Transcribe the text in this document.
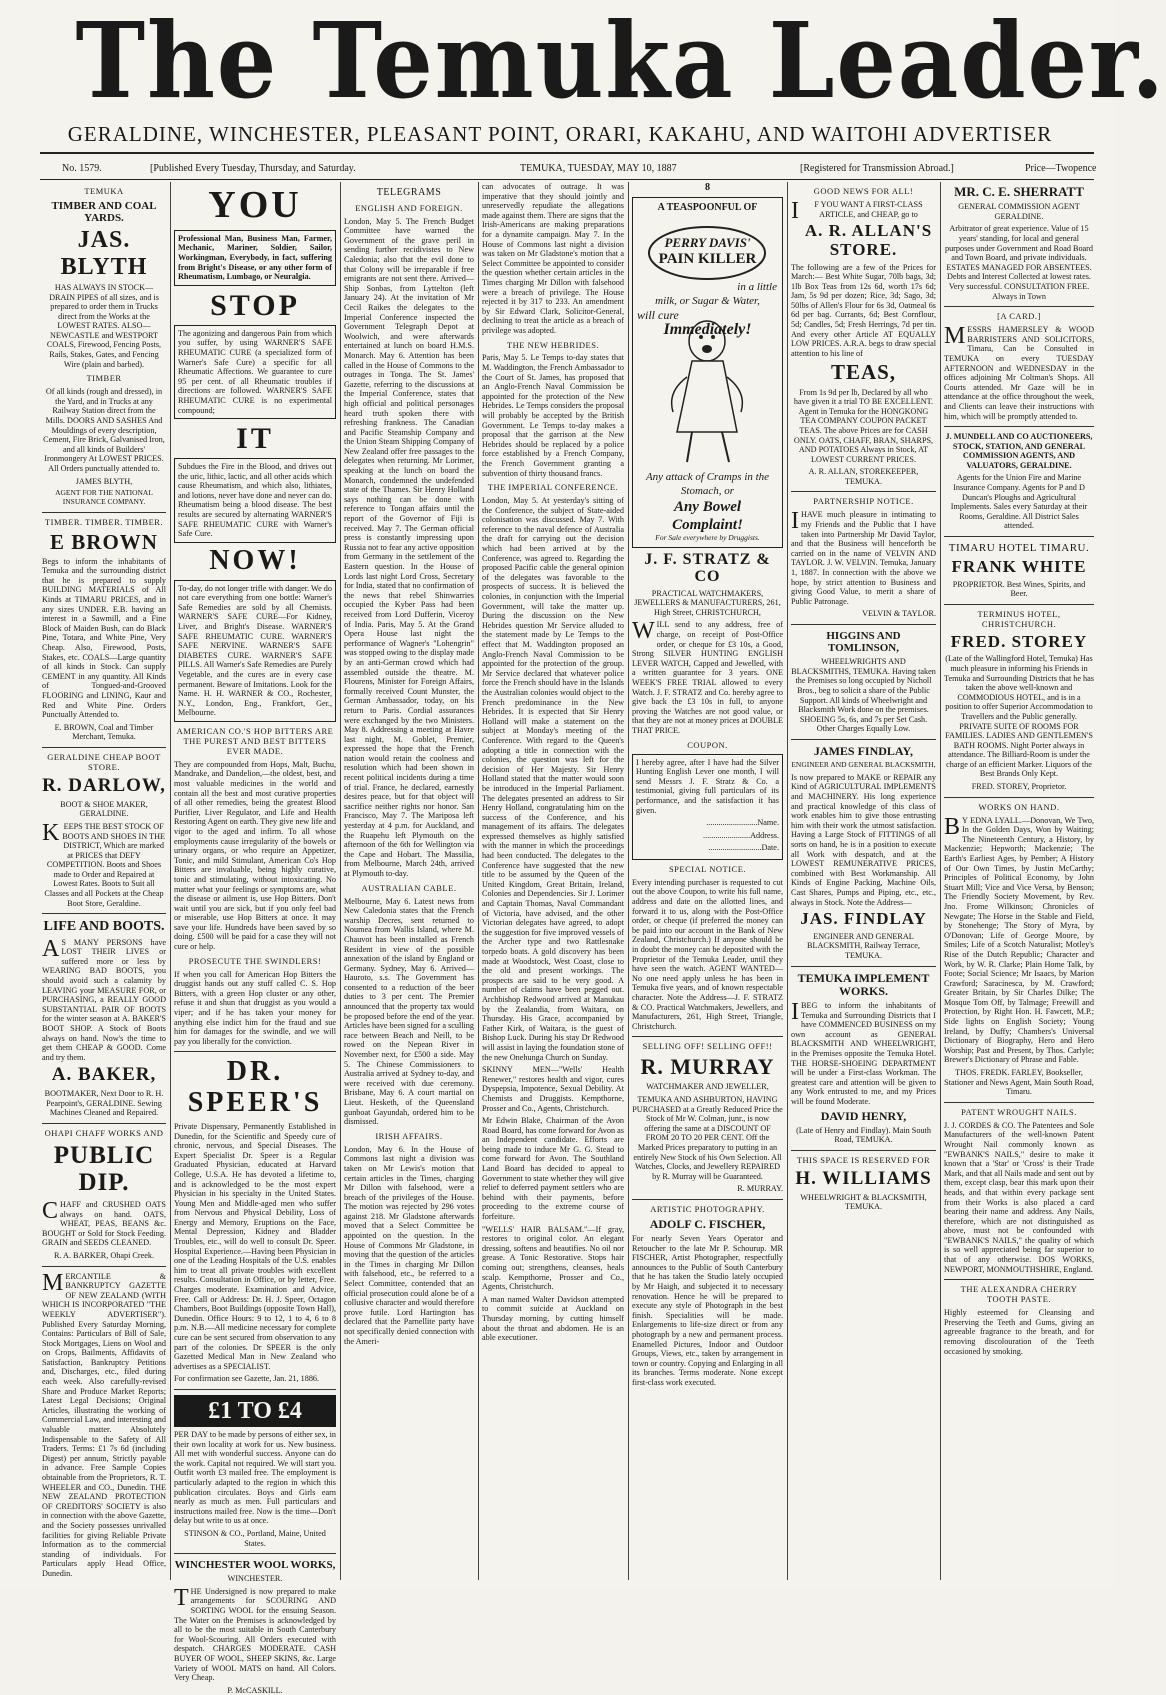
The Temuka Leader.
GERALDINE, WINCHESTER, PLEASANT POINT, ORARI, KAKAHU, AND WAITOHI ADVERTISER
No. 1579.	[Published Every Tuesday, Thursday, and Saturday.	TEMUKA, TUESDAY, MAY 10, 1887	[Registered for Transmission Abroad.]	Price—Twopence
TEMUKA
TIMBER AND COAL YARDS.
JAS. BLYTH

HAS ALWAYS IN STOCK— DRAIN PIPES of all sizes, and is prepared to order them in Trucks direct from the Works at the LOWEST RATES. ALSO— NEWCASTLE and WESTPORT COALS, Firewood, Fencing Posts, Rails, Stakes, Gates, and Fencing Wire (plain and barbed).

TIMBER

Of all kinds (rough and dressed), in the Yard, and in Trucks at any Railway Station direct from the Mills. DOORS AND SASHES And Mouldings of every description, Cement, Fire Brick, Galvanised Iron, and all kinds of Builders' Ironmongery At LOWEST PRICES. All Orders punctually attended to.

JAMES BLYTH,

AGENT FOR THE NATIONAL INSURANCE COMPANY.

TIMBER. TIMBER. TIMBER.
E BROWN

Begs to inform the inhabitants of Temuka and the surrounding district that he is prepared to supply BUILDING MATERIALS of All Kinds at TIMARU PRICES, and in any sizes UNDER. E.B. having an interest in a Sawmill, and a Fine Block of Maiden Bush, can do Black Pine, Totara, and White Pine, Very Cheap. Also, Firewood, Posts, Stakes, etc. COALS—Large quantity of all kinds in Stock. Can supply CEMENT in any quantity. All Kinds of Tongued-and-Grooved FLOORING and LINING, Kaur and Red and White Pine. Orders Punctually Attended to.

E. BROWN, Coal and Timber Merchant, Temuka.

GERALDINE CHEAP BOOT STORE.
R. DARLOW,

BOOT & SHOE MAKER, GERALDINE.

KEEPS THE BEST STOCK OF BOOTS AND SHOES IN THE DISTRICT, Which are marked at PRICES that DEFY COMPETITION. Boots and Shoes made to Order and Repaired at Lowest Rates. Boots to Suit all Classes and all Pockets at the Cheap Boot Store, Geraldine.

LIFE AND BOOTS.

AS MANY PERSONS have LOST THEIR LIVES or suffered more or less by WEARING BAD BOOTS, you should avoid such a calamity by LEAVING your MEASURE FOR, or PURCHASING, a REALLY GOOD SUBSTANTIAL PAIR OF BOOTS for the winter season at A. BAKER'S BOOT SHOP. A Stock of Boots always on hand. Now's the time to get them CHEAP & GOOD. Come and try them.

A. BAKER,

BOOTMAKER, Next Door to R. H. Pearpoint's, GERALDINE. Sewing Machines Cleaned and Repaired.

OHAPI CHAFF WORKS AND
PUBLIC DIP.

CHAFF and CRUSHED OATS always on hand. OATS, WHEAT, PEAS, BEANS &c. BOUGHT or Sold for Stock Feeding. GRAIN and SEEDS CLEANED.

R. A. BARKER, Ohapi Creek.

MERCANTILE & BANKRUPTCY GAZETTE OF NEW ZEALAND (WITH WHICH IS INCORPORATED "THE WEEKLY ADVERTISER"). Published Every Saturday Morning, Contains: Particulars of Bill of Sale, Stock Mortgages, Liens on Wool and on Crops, Bailments, Affidavits of Satisfaction, Bankruptcy Petitions and, Discharges, etc., filed during each week. Also carefully-revised Share and Produce Market Reports; Latest Legal Decisions; Original Articles, illustrating the working of Commercial Law, and interesting and valuable matter. Absolutely Indispensable to the Safety of All Traders. Terms: £1 7s 6d (including Digest) per annum, Strictly payable in advance. Free Sample Copies obtainable from the Proprietors, R. T. WHEELER and CO., Dunedin. THE NEW ZEALAND PROTECTION OF CREDITORS' SOCIETY is also in connection with the above Gazette, and the Society possesses unrivalled facilities for giving Reliable Private Information as to the commercial standing of individuals. For Particulars apply Head Office, Dunedin.

YOU

Professional Man, Business Man, Farmer, Mechanic, Mariner, Soldier, Sailor, Workingman, Everybody, in fact, suffering from Bright's Disease, or any other form of Rheumatism, Lumbago, or Neuralgia.

STOP

The agonizing and dangerous Pain from which you suffer, by using WARNER'S SAFE RHEUMATIC CURE (a specialized form of Warner's Safe Cure) a specific for all Rheumatic Affections. We guarantee to cure 95 per cent. of all Rheumatic troubles if directions are followed. WARNER'S SAFE RHEUMATIC CURE is no experimental compound;

IT

Subdues the Fire in the Blood, and drives out the uric, lithic, lactic, and all other acids which cause Rheumatism, and which also, lithiates, and lotions, never have done and never can do. Rheumatism being a blood disease. The best results are secured by alternating WARNER'S SAFE RHEUMATIC CURE with Warner's Safe Cure.

NOW!

To-day, do not longer trifle with danger. We do not care everything from one bottle: Warner's Safe Remedies are sold by all Chemists. WARNER'S SAFE CURE—For Kidney, Liver, and Bright's Disease. WARNER'S SAFE RHEUMATIC CURE. WARNER'S SAFE NERVINE. WARNER'S SAFE DIABETES CURE. WARNER'S SAFE PILLS. All Warner's Safe Remedies are Purely Vegetable, and the cures are in every case permanent. Beware of Imitations. Look for the Name. H. H. WARNER & CO., Rochester, N.Y., London, Eng., Frankfort, Ger., Melbourne.

AMERICAN CO.'S HOP BITTERS ARE THE PUREST AND BEST BITTERS EVER MADE.

They are compounded from Hops, Malt, Buchu, Mandrake, and Dandelion,—the oldest, best, and most valuable medicines in the world and contain all the best and most curative properties of all other remedies, being the greatest Blood Purifier, Liver Regulator, and Life and Health Restoring Agent on earth. They give new life and vigor to the aged and infirm. To all whose employments cause irregularity of the bowels or urinary organs, or who require an Appetizer, Tonic, and mild Stimulant, American Co's Hop Bitters are invaluable, being highly curative, tonic and stimulating, without intoxicating. No matter what your feelings or symptoms are, what the disease or ailment is, use Hop Bitters. Don't wait until you are sick, but if you only feel bad or miserable, use Hop Bitters at once. It may save your life. Hundreds have been saved by so doing. £500 will be paid for a case they will not cure or help.

PROSECUTE THE SWINDLERS!

If when you call for American Hop Bitters the druggist hands out any stuff called C. S. Hop Bitters, with a green Hop cluster or any other, refuse it and shun that druggist as you would a viper; and if he has taken your money for anything else indict him for the fraud and sue him for damages for the swindle, and we will pay you liberally for the conviction.

DR. SPEER'S

Private Dispensary, Permanently Established in Dunedin, for the Scientific and Speedy cure of chronic, nervous, and Special Diseases. The Expert Specialist Dr. Speer is a Regular Graduated Physician, educated at Harvard College, U.S.A. He has devoted a lifetime to, and is acknowledged to be the most expert Physician in his specialty in the United States. Young Men and Middle-aged men who suffer from Nervous and Physical Debility, Loss of Energy and Memory, Eruptions on the Face, Mental Depression, Kidney and Bladder Troubles, etc., will do well to consult Dr. Speer. Hospital Experience.—Having been Physician in one of the Leading Hospitals of the U.S. enables him to treat all private troubles with excellent results. Consultation in Office, or by letter, Free. Charges moderate. Examination and Advice, Free. Call or Address: Dr. H. J. Speer, Octagon Chambers, Boot Buildings (opposite Town Hall), Dunedin. Office Hours: 9 to 12, 1 to 4, 6 to 8 p.m. N.B.—All medicine necessary for complete cure can be sent secured from observation to any part of the colonies. Dr SPEER is the only Gazetted Medical Man in New Zealand who advertises as a SPECIALIST.

For confirmation see Gazette, Jan. 21, 1886.

£1 TO £4

PER DAY to be made by persons of either sex, in their own locality at work for us. New business. All met with wonderful success. Anyone can do the work. Capital not required. We will start you. Outfit worth £3 mailed free. The employment is particularly adapted to the region in which this publication circulates. Boys and Girls earn nearly as much as men. Full particulars and instructions mailed free. Now is the time—Don't delay but write to us at once.

STINSON & CO., Portland, Maine, United States.

WINCHESTER WOOL WORKS,

WINCHESTER.

THE Undersigned is now prepared to make arrangements for SCOURING AND SORTING WOOL for the ensuing Season. The Water on the Premises is acknowledged by all to be the most suitable in South Canterbury for Wool-Scouring. All Orders executed with despatch. CHARGES MODERATE. CASH BUYER OF WOOL, SHEEP SKINS, &c. Large Variety of WOOL MATS on hand. All Colors. Very Cheap.

P. McCASKILL.

TELEGRAMS
ENGLISH AND FOREIGN.

London, May 5. The French Budget Committee have warned the Government of the grave peril in sending further recidivistes to New Caledonia; also that the evil done to that Colony will be irreparable if free emigrants are not sent there. Arrived—Ship Sonbas, from Lyttelton (left January 24). At the invitation of Mr Cecil Raikes the delegates to the Imperial Conference inspected the Government Telegraph Depot at Woolwich, and were afterwards entertained at lunch on board H.M.S. Monarch. May 6. Attention has been called in the House of Commons to the outrages in Tonga. The St. James' Gazette, referring to the discussions at the Imperial Conference, states that high official and political personages heard truth spoken there with refreshing frankness. The Canadian and Pacific Steamship Company and the Union Steam Shipping Company of New Zealand offer free passages to the delegates when returning. Mr Lorimer, speaking at the lunch on board the Monarch, condemned the undefended state of the Thames. Sir Henry Holland says nothing can be done with reference to Tongan affairs until the report of the Governor of Fiji is received. May 7. The German official press is constantly impressing upon Russia not to fear any active opposition from Germany in the settlement of the Eastern question. In the House of Lords last night Lord Cross, Secretary for India, stated that no confirmation of the news that rebel Shinwarries occupied the Kyber Pass had been received from Lord Dufferin, Viceroy of India. Paris, May 5. At the Grand Opera House last night the performance of Wagner's "Lohengrin" was stopped owing to the display made by an anti-German crowd which had assembled outside the theatre. M. Flourens, Minister for Foreign Affairs, formally received Count Munster, the German Ambassador, today, on his return to Paris. Cordial assurances were exchanged by the two Ministers. May 8. Addressing a meeting at Havre last night, M. Goblet, Premier, expressed the hope that the French nation would retain the coolness and resolution which had been shown in recent political incidents during a time of trial. France, he declared, earnestly desires peace, but for that object will sacrifice neither rights nor honor. San Francisco, May 7. The Mariposa left yesterday at 4 p.m. for Auckland, and the Ruapehu left Plymouth on the afternoon of the 6th for Wellington via the Cape and Hobart. The Massilia, from Melbourne, March 24th, arrived at Plymouth to-day.

AUSTRALIAN CABLE.

Melbourne, May 6. Latest news from New Caledonia states that the French warship Decres, sent returned to Noumea from Wallis Island, where M. Chauvot has been installed as French Resident in view of the possible annexation of the island by England or Germany. Sydney, May 6. Arrived—Hauroto, s.s. The Government has consented to a reduction of the beer duties to 3 per cent. The Premier announced that the property tax would be proposed before the end of the year. Articles have been signed for a sculling race between Beach and Neill, to be rowed on the Nepean River in November next, for £500 a side. May 5. The Chinese Commissioners to Australia arrived at Sydney to-day, and were received with due ceremony. Brisbane, May 6. A court martial on Lieut. Hesketh, of the Queensland gunboat Gayundah, ordered him to be dismissed.

IRISH AFFAIRS.

London, May 6. In the House of Commons last night a division was taken on Mr Lewis's motion that certain articles in the Times, charging Mr Dillon with falsehood, were a breach of the privileges of the House. The motion was rejected by 296 votes against 218. Mr Gladstone afterwards moved that a Select Committee be appointed on the question. In the House of Commons Mr Gladstone, in moving that the question of the articles in the Times in charging Mr Dillon with falsehood, etc., be referred to a Select Committee, contended that an official prosecution could alone be of a collusive character and would therefore prove futile. Lord Hartington has declared that the Parnellite party have not specifically denied connection with the Ameri-

can advocates of outrage. It was imperative that they should jointly and unreservedly repudiate the allegations made against them. There are signs that the Irish-Americans are making preparations for a dynamite campaign. May 7. In the House of Commons last night a division was taken on Mr Gladstone's motion that a Select Committee be appointed to consider the question whether certain articles in the Times charging Mr Dillon with falsehood were a breach of privilege. The House rejected it by 317 to 233. An amendment by Sir Edward Clark, Solicitor-General, declining to treat the article as a breach of privilege was adopted.

THE NEW HEBRIDES.

Paris, May 5. Le Temps to-day states that M. Waddington, the French Ambassador to the Court of St. James, has proposed that an Anglo-French Naval Commission be appointed for the protection of the New Hebrides. Le Temps considers the proposal will probably be accepted by the British Government. Le Temps to-day makes a proposal that the garrison at the New Hebrides should be replaced by a police force established by a French Company, the French Government granting a subvention of thirty thousand francs.

THE IMPERIAL CONFERENCE.

London, May 5. At yesterday's sitting of the Conference, the subject of State-aided colonisation was discussed. May 7. With reference to the naval defence of Australia the draft for carrying out the decision which had been arrived at by the Conference, was agreed to. Regarding the proposed Pacific cable the general opinion of the delegates was favorable to the prospects of success. It is believed the colonies, in conjunction with the Imperial Government, will take the matter up. During the discussion on the New Hebrides question Mr Service alluded to the statement made by Le Temps to the effect that M. Waddington proposed an Anglo-French Naval Commission to be appointed for the protection of the group. Mr Service declared that whatever police force the French should have in the Islands the Australian colonies would object to the French predominance in the New Hebrides. It is expected that Sir Henry Holland will make a statement on the subject at Monday's meeting of the Conference. With regard to the Queen's adopting a title in connection with the colonies, the question was left for the decision of Her Majesty. Sir Henry Holland stated that the matter would soon be introduced in the Imperial Parliament. The delegates presented an address to Sir Henry Holland, congratulating him on the success of the Conference, and his management of its affairs. The delegates expressed themselves as highly satisfied with the manner in which the proceedings had been conducted. The delegates to the Conference have suggested that the new title to be assumed by the Queen of the United Kingdom, Great Britain, Ireland, Colonies and Dependencies. Sir J. Lorimer and Captain Thomas, Naval Commandant of Victoria, have advised, and the other Victorian delegates have agreed, to adopt the suggestion for five improved vessels of the Archer type and two Rattlesnake torpedo boats. A gold discovery has been made at Woodstock, West Coast, close to the old and present workings. The prospects are said to be very good. A number of claims have been pegged out. Archbishop Redwood arrived at Manukau by the Zealandia, from Waitara, on Thursday. His Grace, accompanied by Father Kirk, of Waitara, is the guest of Bishop Luck. During his stay Dr Redwood will assist in laying the foundation stone of the new Onehunga Church on Sunday.

SKINNY MEN—"Wells' Health Renewer," restores health and vigor, cures Dyspepsia, Impotence, Sexual Debility. At Chemists and Druggists. Kempthorne, Prosser and Co., Agents, Christchurch.

Mr Edwin Blake, Chairman of the Avon Road Board, has come forward for Avon as an Independent candidate. Efforts are being made to induce Mr G. G. Stead to come forward for Avon. The Southland Land Board has decided to appeal to Government to state whether they will give relief to deferred payment settlers who are behind with their payments, before proceeding to the extreme course of forfeiture.

"WELLS' HAIR BALSAM."—If gray, restores to original color. An elegant dressing, softens and beautifies. No oil nor grease. A Tonic Restorative. Stops hair coming out; strengthens, cleanses, heals scalp. Kempthorne, Prosser and Co., Agents, Christchurch.

A man named Walter Davidson attempted to commit suicide at Auckland on Thursday morning, by cutting himself about the throat and abdomen. He is an able executioner.

8
A TEASPOONFUL OF
PERRY DAVIS'
PAIN KILLER
in a little
milk, or Sugar & Water,
will cure
Immediately!
Any attack of Cramps in the Stomach, or
Any Bowel Complaint!
For Sale everywhere by Druggists.
J. F. STRATZ & CO

PRACTICAL WATCHMAKERS, JEWELLERS & MANUFACTURERS, 261, High Street, CHRISTCHURCH,

WILL send to any address, free of charge, on receipt of Post-Office order, or cheque for £3 10s, a Good, Strong SILVER HUNTING ENGLISH LEVER WATCH, Capped and Jewelled, with a written guarantee for 3 years. ONE WEEK'S FREE TRIAL allowed to every Watch. J. F. STRATZ and Co. hereby agree to give back the £3 10s in full, to anyone proving the Watches are not good value, or that they are not at money prices at DOUBLE THAT PRICE.

COUPON.

I hereby agree, after I have had the Silver Hunting English Lever one month, I will send Messrs J. F. Stratz & Co. a testimonial, giving full particulars of its performance, and the satisfaction it has given.

.........................Name.

.......................Address.

..........................Date.

SPECIAL NOTICE.

Every intending purchaser is requested to cut out the above Coupon, to write his full name, address and date on the allotted lines, and forward it to us, along with the Post-Office order, or cheque (if preferred the money can be paid into our account in the Bank of New Zealand, Christchurch.) If anyone should be in doubt the money can be deposited with the Proprietor of the Temuka Leader, until they have seen the watch. AGENT WANTED—No one need apply unless he has been in Temuka five years, and of known respectable character. Note the Address—J. F. STRATZ & CO. Practical Watchmakers, Jewellers, and Manufacturers, 261, High Street, Triangle, Christchurch.

SELLING OFF! SELLING OFF!!
R. MURRAY

WATCHMAKER AND JEWELLER,

TEMUKA AND ASHBURTON, HAVING PURCHASED at a Greatly Reduced Price the Stock of Mr W. Colman, junr., is now offering the same at a DISCOUNT OF FROM 20 TO 20 PER CENT. Off the Marked Prices preparatory to putting in an entirely New Stock of his Own Selection. All Watches, Clocks, and Jewellery REPAIRED by R. Murray will be Guaranteed.

R. MURRAY.

ARTISTIC PHOTOGRAPHY.
ADOLF C. FISCHER,

For nearly Seven Years Operator and Retoucher to the late Mr P. Schourup. MR FISCHER, Artist Photographer, respectfully announces to the Public of South Canterbury that he has taken the Studio lately occupied by Mr Haigh, and subjected it to necessary renovation. Hence he will be prepared to execute any style of Photograph in the best finish. Specialities will be made. Enlargements to life-size direct or from any photograph by a new and permanent process. Enamelled Pictures, Indoor and Outdoor Groups, Views, etc., taken by arrangement in town or country. Copying and Enlarging in all its branches. Terms moderate. None except first-class work executed.

GOOD NEWS FOR ALL!

IF YOU WANT A FIRST-CLASS ARTICLE, and CHEAP, go to

A. R. ALLAN'S STORE.

The following are a few of the Prices for March:— Best White Sugar, 70lb bags, 3d; 1lb Box Teas from 12s 6d, worth 17s 6d; Jam, 5s 9d per dozen; Rice, 3d; Sago, 3d; 50lbs of Allen's Flour for 6s 3d, Oatmeal 6s 6d per bag. Currants, 6d; Best Cornflour, 5d; Candles, 5d; Fresh Herrings, 7d per tin. And every other Article AT EQUALLY LOW PRICES. A.R.A. begs to draw special attention to his line of

TEAS,

From 1s 9d per lb, Declared by all who have given it a trial TO BE EXCELLENT. Agent in Temuka for the HONGKONG TEA COMPANY COUPON PACKET TEAS. The above Prices are for CASH ONLY. OATS, CHAFF, BRAN, SHARPS, AND POTATOES Always in Stock, AT LOWEST CURRENT PRICES.

A. R. ALLAN, STOREKEEPER, TEMUKA.

PARTNERSHIP NOTICE.

IHAVE much pleasure in intimating to my Friends and the Public that I have taken into Partnership Mr David Taylor, and that the Business will henceforth be carried on in the name of VELVIN AND TAYLOR. J. W. VELVIN. Temuka, January 1, 1887. In connection with the above we hope, by strict attention to Business and giving Good Value, to merit a share of Public Patronage.

VELVIN & TAYLOR.

HIGGINS AND TOMLINSON,

WHEELWRIGHTS AND BLACKSMITHS, TEMUKA. Having taken the Premises so long occupied by Nicholl Bros., beg to solicit a share of the Public Support. All kinds of Wheelwright and Blacksmith Work done on the premises. SHOEING 5s, 6s, and 7s per Set Cash. Other Charges Equally Low.

JAMES FINDLAY,

ENGINEER AND GENERAL BLACKSMITH,

Is now prepared to MAKE or REPAIR any Kind of AGRICULTURAL IMPLEMENTS and MACHINERY. His long experience and practical knowledge of this class of work enables him to give those entrusting him with their work the utmost satisfaction. Having a Large Stock of FITTINGS of all sorts on hand, he is in a position to execute all Work with despatch, and at the LOWEST REMUNERATIVE PRICES, combined with Best Workmanship. All Kinds of Engine Packing, Machine Oils, Cast Shares, Pumps and Piping, etc., etc., always in Stock. Note the Address—

JAS. FINDLAY

ENGINEER AND GENERAL BLACKSMITH, Railway Terrace, TEMUKA.

TEMUKA IMPLEMENT WORKS.

IBEG to inform the inhabitants of Temuka and Surrounding Districts that I have COMMENCED BUSINESS on my own account as GENERAL BLACKSMITH AND WHEELWRIGHT, in the Premises opposite the Temuka Hotel. THE HORSE-SHOEING DEPARTMENT will be under a First-class Workman. The greatest care and attention will be given to any Work entrusted to me, and my Prices will be found Moderate.

DAVID HENRY,

(Late of Henry and Findlay). Main South Road, TEMUKA.

THIS SPACE IS RESERVED FOR
H. WILLIAMS

WHEELWRIGHT & BLACKSMITH, TEMUKA.

MR. C. E. SHERRATT

GENERAL COMMISSION AGENT GERALDINE.

Arbitrator of great experience. Value of 15 years' standing, for local and general purposes under Government and Road Board and Town Board, and private individuals. ESTATES MANAGED FOR ABSENTEES. Debts and Interest Collected at lowest rates. Very successful. CONSULTATION FREE. Always in Town

[A CARD.]

MESSRS HAMERSLEY & WOOD BARRISTERS AND SOLICITORS, Timaru, Can be Consulted in TEMUKA on every TUESDAY AFTERNOON and WEDNESDAY in the offices adjoining Mr Coltman's Shops. All Courts attended. Mr Gaze will be in attendance at the office throughout the week, and Clients can leave their instructions with him, which will be promptly attended to.

J. MUNDELL AND CO AUCTIONEERS, STOCK, STATION, AND GENERAL COMMISSION AGENTS, AND VALUATORS, GERALDINE.

Agents for the Union Fire and Marine Insurance Company. Agents for P and D Duncan's Ploughs and Agricultural Implements. Sales every Saturday at their Rooms, Geraldine. All District Sales attended.

TIMARU HOTEL TIMARU.
FRANK WHITE

PROPRIETOR. Best Wines, Spirits, and Beer.

TERMINUS HOTEL, CHRISTCHURCH.
FRED. STOREY

(Late of the Wallingford Hotel, Temuka) Has much pleasure in informing his Friends in Temuka and Surrounding Districts that he has taken the above well-known and COMMODIOUS HOTEL, and is in a position to offer Superior Accommodation to Travellers and the Public generally. PRIVATE SUITE OF ROOMS FOR FAMILIES. LADIES AND GENTLEMEN'S BATH ROOMS. Night Porter always in attendance. The Billiard-Room is under the charge of an efficient Marker. Liquors of the Best Brands Only Kept.

FRED. STOREY, Proprietor.

WORKS ON HAND.

BY EDNA LYALL.—Donovan, We Two, In the Golden Days, Won by Waiting; The Nineteenth Century, a History, by Mackenzie; Hepworth; Mackenzie; The Earth's Earliest Ages, by Pember; A History of Our Own Times, by Justin McCarthy; Principles of Political Economy, by John Stuart Mill; Vice and Vice Versa, by Benson; The Friendly Society Movement, by Rev. Jno. Frome Wilkinson; Chronicles of Newgate; The Horse in the Stable and Field, by Stonehenge; The Story of Myra, by O'Donovan; Life of George Moore, by Smiles; Life of a Scotch Naturalist; Motley's Rise of the Dutch Republic; Character and Work, by W. R. Clarke; Plain Home Talk, by Foote; Social Science; Mr Isaacs, by Marion Crawford; Saracinesca, by M. Crawford; Greater Britain, by Sir Charles Dilke; The Mosque Tom Off, by Talmage; Freewill and Protection, by Right Hon. H. Fawcett, M.P.; Side lights on English Society; Young Ireland, by Duffy; Chambers's Universal Dictionary of Biography, Hero and Hero Worship; Past and Present, by Thos. Carlyle; Brewer's Dictionary of Phrase and Fable.

THOS. FREDK. FARLEY, Bookseller, Stationer and News Agent, Main South Road, Timaru.

PATENT WROUGHT NAILS.

J. J. CORDES & CO. The Patentees and Sole Manufacturers of the well-known Patent Wrought Nail commonly known as "EWBANK'S NAILS," desire to make it known that a 'Star' or 'Cross' is their Trade Mark, and that all Nails made and sent out by them, except clasp, bear this mark upon their heads, and that within every package sent from their Works is also placed a card bearing their name and address. Any Nails, therefore, which are not distinguished as above, must not be confounded with "EWBANK'S NAILS," the quality of which is so well appreciated being far superior to that of any otherwise. DOS WORKS, NEWPORT, MONMOUTHSHIRE, England.

THE ALEXANDRA CHERRY TOOTH PASTE.

Highly esteemed for Cleansing and Preserving the Teeth and Gums, giving an agreeable fragrance to the breath, and for removing discolouration of the Teeth occasioned by smoking.
